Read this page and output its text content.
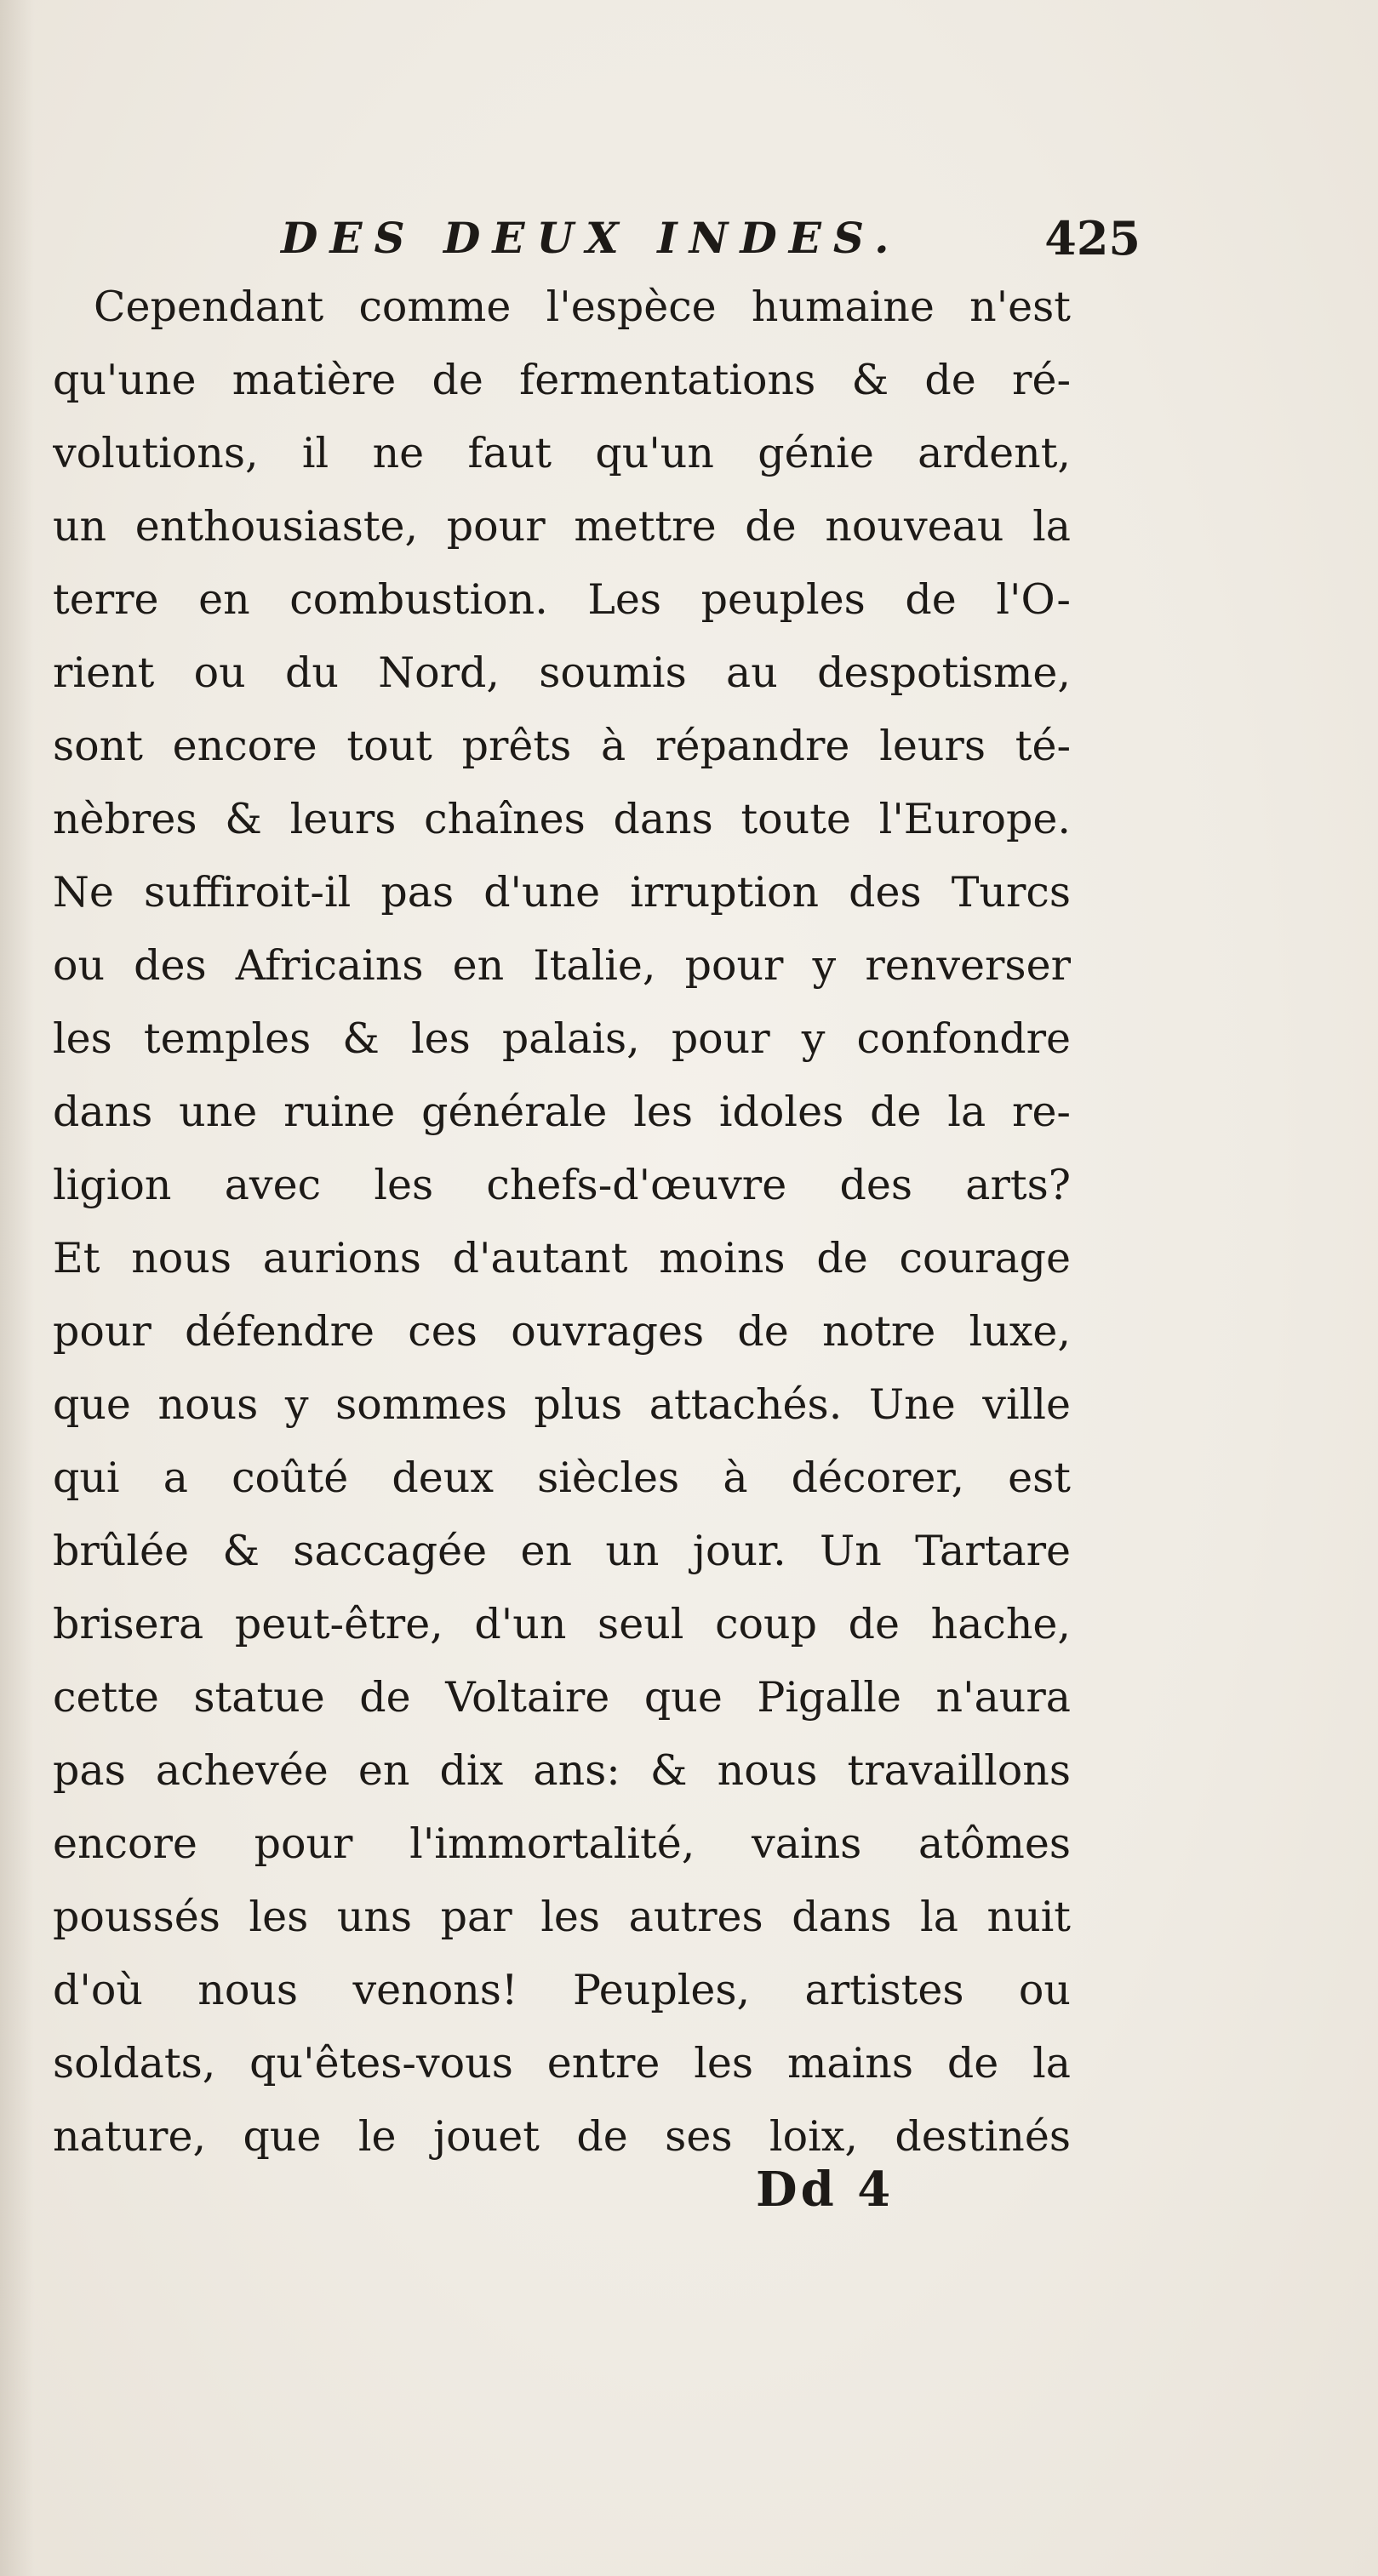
DES DEUX INDES.	425
Cependant comme l'espèce humaine n'est
qu'une matière de fermentations & de ré-
volutions, il ne faut qu'un génie ardent,
un enthousiaste, pour mettre de nouveau la
terre en combustion. Les peuples de l'O-
rient ou du Nord, soumis au despotisme,
sont encore tout prêts à répandre leurs té-
nèbres & leurs chaînes dans toute l'Europe.
Ne suffiroit-il pas d'une irruption des Turcs
ou des Africains en Italie, pour y renverser
les temples & les palais, pour y confondre
dans une ruine générale les idoles de la re-
ligion avec les chefs-d'œuvre des arts?
Et nous aurions d'autant moins de courage
pour défendre ces ouvrages de notre luxe,
que nous y sommes plus attachés. Une ville
qui a coûté deux siècles à décorer, est
brûlée & saccagée en un jour. Un Tartare
brisera peut-être, d'un seul coup de hache,
cette statue de Voltaire que Pigalle n'aura
pas achevée en dix ans: & nous travaillons
encore pour l'immortalité, vains atômes
poussés les uns par les autres dans la nuit
d'où nous venons! Peuples, artistes ou
soldats, qu'êtes-vous entre les mains de la
nature, que le jouet de ses loix, destinés
Dd 4
